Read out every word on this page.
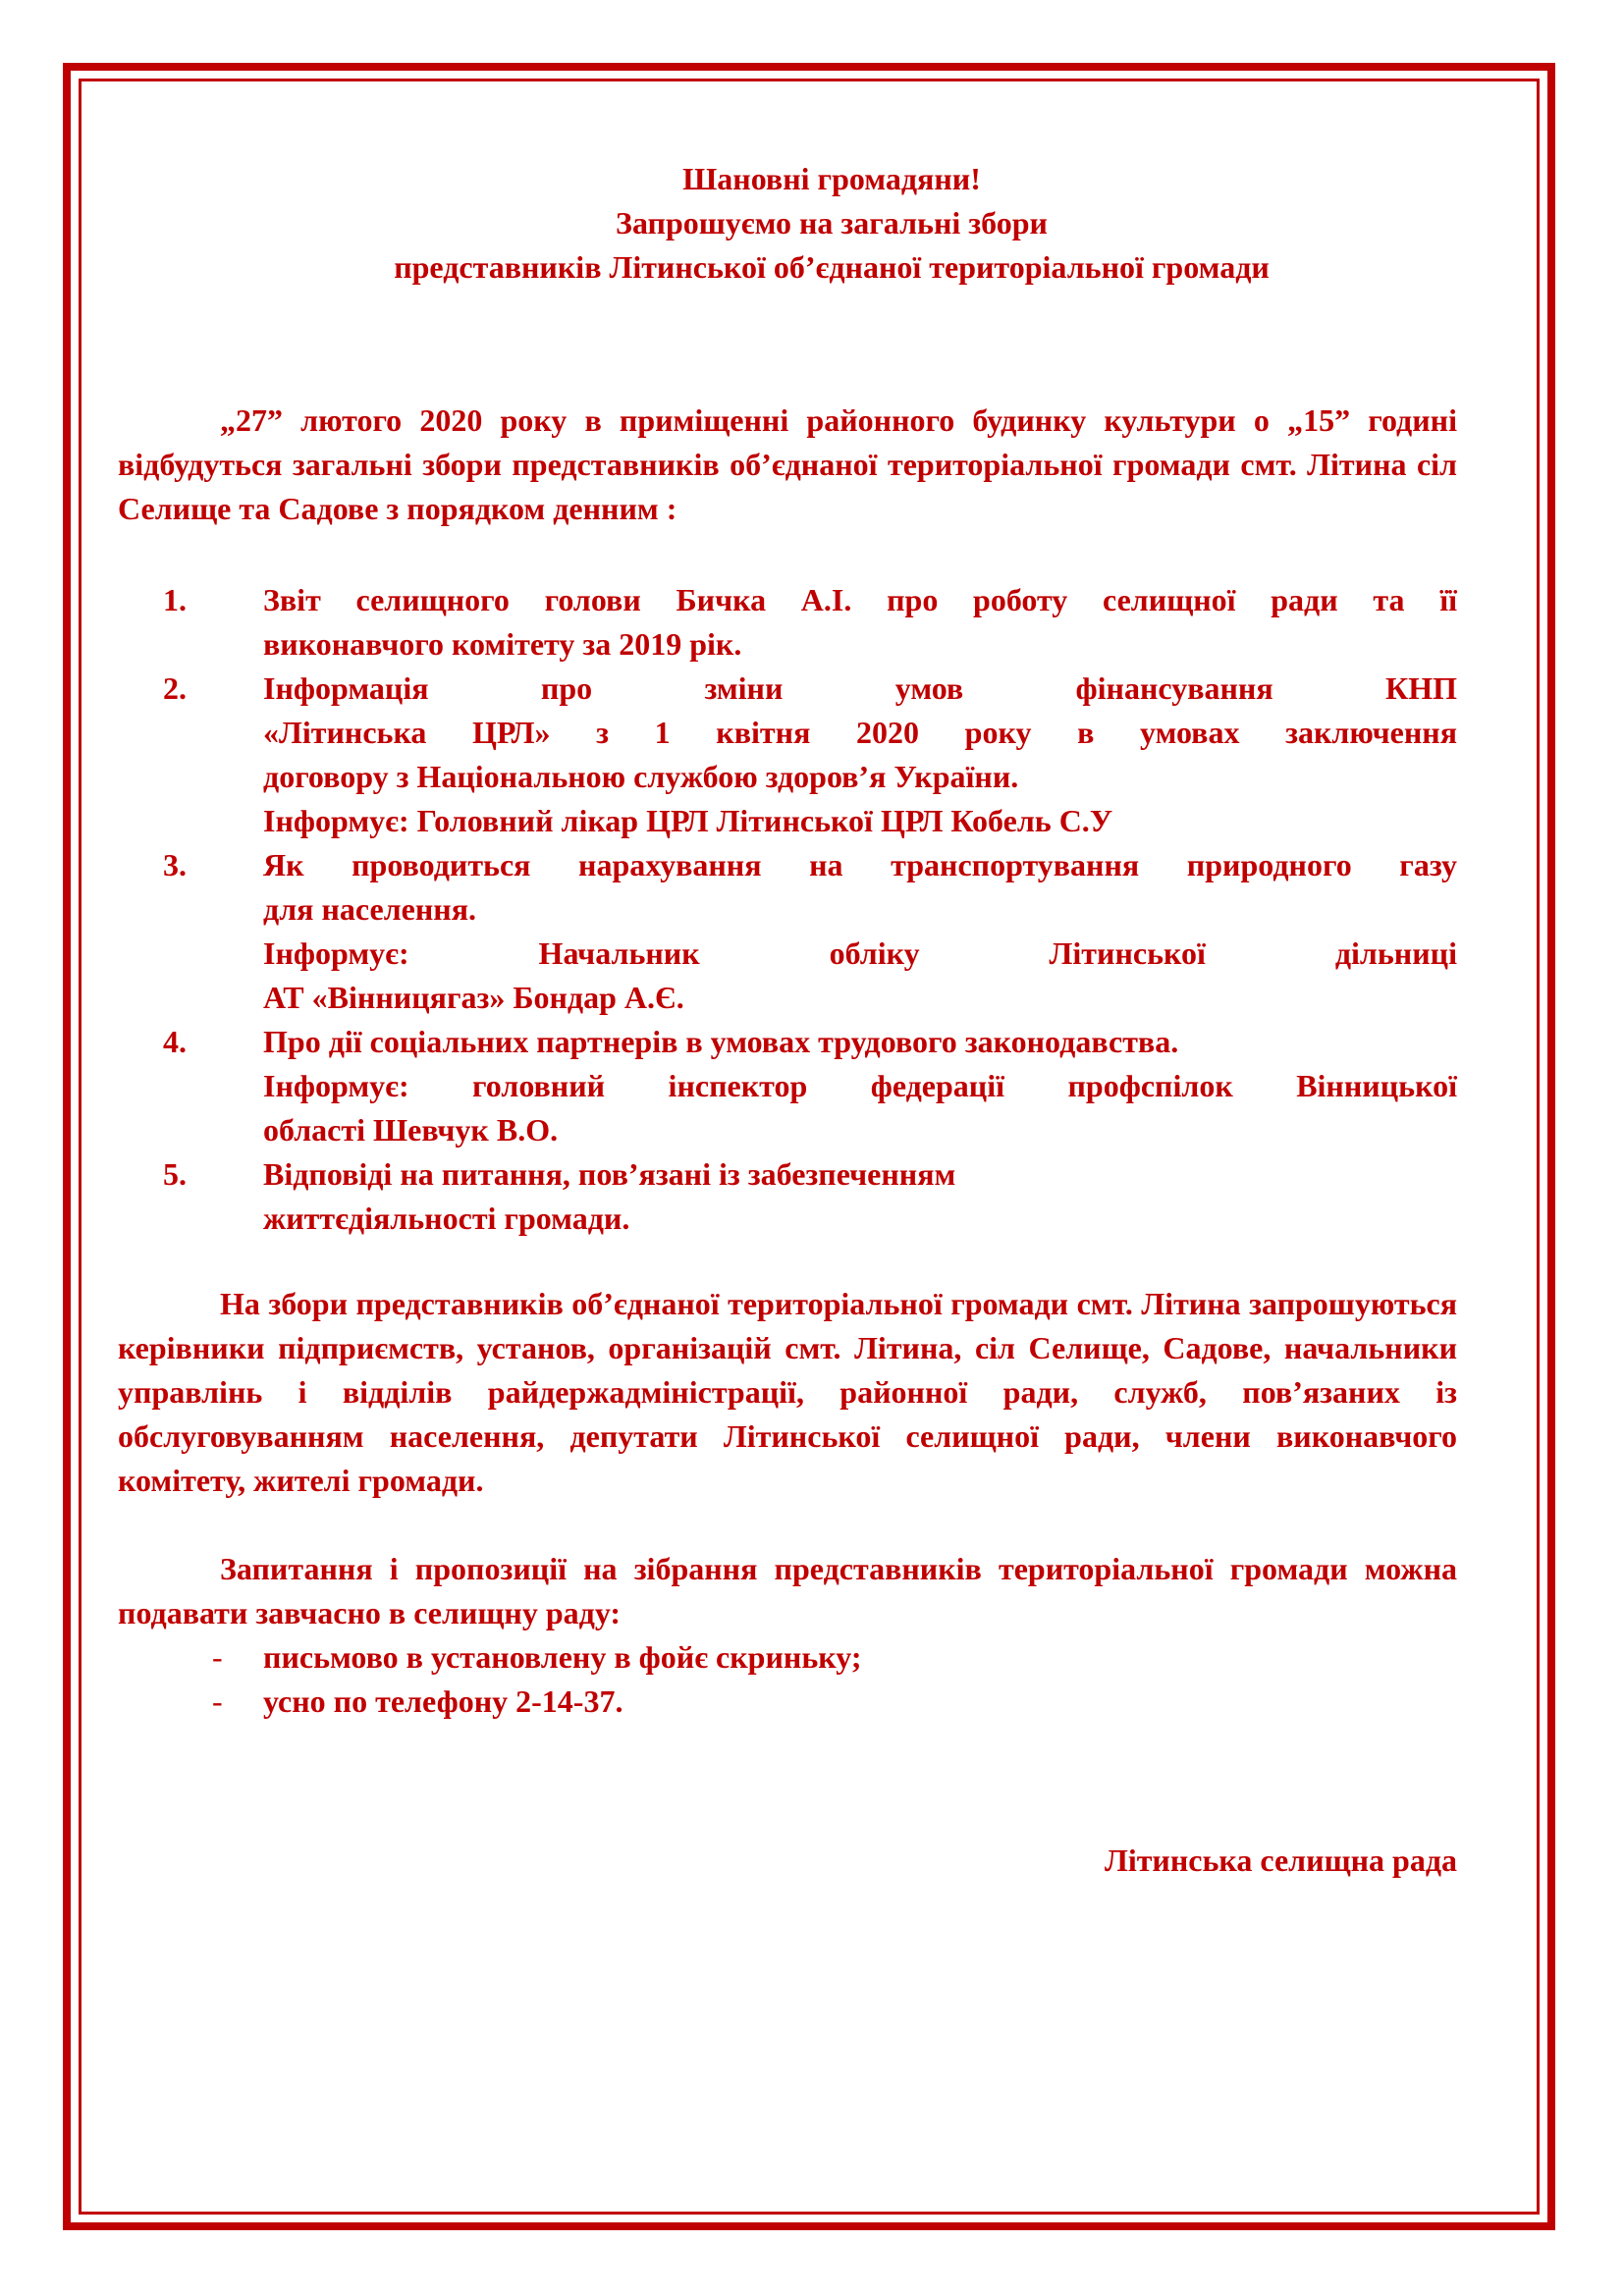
Шановні громадяни!
Запрошуємо на загальні збори
представників Літинської об’єднаної територіальної громади

„27” лютого 2020 року в приміщенні районного будинку культури о „15” годині відбудуться загальні збори представників об’єднаної територіальної громади смт. Літина сіл Селище та Садове з порядком денним :

1. Звіт селищного голови Бичка А.І. про роботу селищної ради та її
виконавчого комітету за 2019 рік.
2. Інформація про зміни умов фінансування КНП
«Літинська ЦРЛ» з 1 квітня 2020 року в умовах заключення
договору з Національною службою здоров’я України.
Інформує: Головний лікар ЦРЛ Літинської ЦРЛ Кобель С.У
3. Як проводиться нарахування на транспортування природного газу
для населення.
Інформує: Начальник обліку Літинської дільниці
АТ «Вінницягаз» Бондар А.Є.
4. Про дії соціальних партнерів в умовах трудового законодавства.
Інформує: головний інспектор федерації профспілок Вінницької
області Шевчук В.О.
5. Відповіді на питання, пов’язані із забезпеченням
життєдіяльності громади.

На збори представників об’єднаної територіальної громади смт. Літина запрошуються керівники підприємств, установ, організацій смт. Літина, сіл Селище, Садове, начальники управлінь і відділів райдержадміністрації, районної ради, служб, пов’язаних із обслуговуванням населення, депутати Літинської селищної ради, члени виконавчого комітету, жителі громади.

Запитання і пропозиції на зібрання представників територіальної громади можна подавати завчасно в селищну раду:

- письмово в установлену в фойє скриньку;
- усно по телефону 2-14-37.
Літинська селищна рада
